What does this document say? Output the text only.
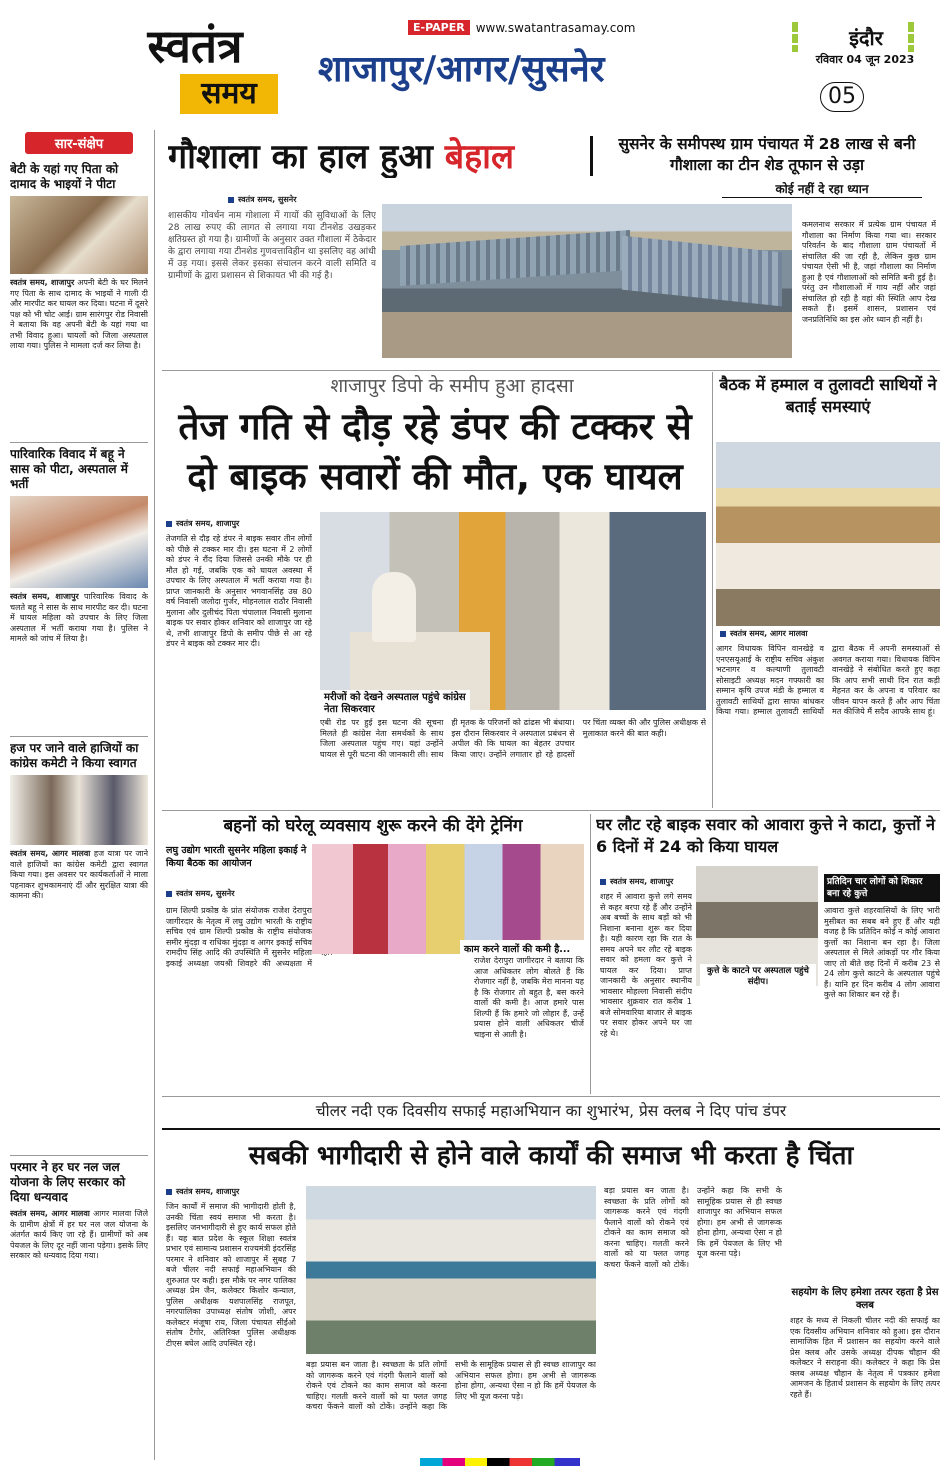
स्वतंत्र
समय
E-PAPER www.swatantrasamay.com
शाजापुर/आगर/सुसनेर
इंदौर
रविवार 04 जून 2023
05
सार-संक्षेप
बेटी के यहां गए पिता को दामाद के भाइयों ने पीटा
स्वतंत्र समय, शाजापुर अपनी बेटी के घर मिलने गए पिता के साथ दामाद के भाइयों ने गाली दी और मारपीट कर घायल कर दिया। घटना में दूसरे पक्ष को भी चोट आई। ग्राम सारंगपुर रोड निवासी ने बताया कि वह अपनी बेटी के यहां गया था तभी विवाद हुआ। घायलों को जिला अस्पताल लाया गया। पुलिस ने मामला दर्ज कर लिया है।
पारिवारिक विवाद में बहू ने सास को पीटा, अस्पताल में भर्ती
स्वतंत्र समय, शाजापुर पारिवारिक विवाद के चलते बहू ने सास के साथ मारपीट कर दी। घटना में घायल महिला को उपचार के लिए जिला अस्पताल में भर्ती कराया गया है। पुलिस ने मामले को जांच में लिया है।
हज पर जाने वाले हाजियों का कांग्रेस कमेटी ने किया स्वागत
स्वतंत्र समय, आगर मालवा हज यात्रा पर जाने वाले हाजियों का कांग्रेस कमेटी द्वारा स्वागत किया गया। इस अवसर पर कार्यकर्ताओं ने माला पहनाकर शुभकामनाएं दीं और सुरक्षित यात्रा की कामना की।
परमार ने हर घर नल जल योजना के लिए सरकार को दिया धन्यवाद
स्वतंत्र समय, आगर मालवा आगर मालवा जिले के ग्रामीण क्षेत्रों में हर घर नल जल योजना के अंतर्गत कार्य किए जा रहे हैं। ग्रामीणों को अब पेयजल के लिए दूर नहीं जाना पड़ेगा। इसके लिए सरकार को धन्यवाद दिया गया।
गौशाला का हाल हुआ बेहाल	सुसनेर के समीपस्थ ग्राम पंचायत में 28 लाख से बनी गौशाला का टीन शेड तूफान से उड़ा
कोई नहीं दे रहा ध्यान
स्वतंत्र समय, सुसनेर
शासकीय गोवर्धन नाम गोशाला में गायों की सुविधाओं के लिए 28 लाख रुपए की लागत से लगाया गया टीनशेड उखड़कर क्षतिग्रस्त हो गया है। ग्रामीणों के अनुसार उक्त गौशाला में ठेकेदार के द्वारा लगाया गया टीनशेड गुणवत्ताविहीन था इसलिए वह आंधी में उड़ गया। इससे लेकर इसका संचालन करने वाली समिति व ग्रामीणों के द्वारा प्रशासन से शिकायत भी की गई है।
कमलनाथ सरकार में प्रत्येक ग्राम पंचायत में गौशाला का निर्माण किया गया था। सरकार परिवर्तन के बाद गौशाला ग्राम पंचायतों में संचालित की जा रही है, लेकिन कुछ ग्राम पंचायत ऐसी भी है, जहां गौशाला का निर्माण हुआ है एवं गौशालाओं को समिति बनी हुई है। परंतु उन गौशालाओं में गाय नहीं और जहां संचालित हो रही है वहां की स्थिति आप देख सकते हैं। इसमें शासन, प्रशासन एवं जनप्रतिनिधि का इस ओर ध्यान ही नहीं है।
शाजापुर डिपो के समीप हुआ हादसा
तेज गति से दौड़ रहे डंपर की टक्कर से दो बाइक सवारों की मौत, एक घायल
स्वतंत्र समय, शाजापुर
तेजगति से दौड़ रहे डंपर ने बाइक सवार तीन लोगों को पीछे से टक्कर मार दी। इस घटना में 2 लोगों को डंपर ने रौंद दिया जिससे उनकी मौके पर ही मौत हो गई, जबकि एक को घायल अवस्था में उपचार के लिए अस्पताल में भर्ती कराया गया है। प्राप्त जानकारी के अनुसार भगवानसिंह उम्र 80 वर्ष निवासी जलोदा गुर्जर, मोहनलाल राठौर निवासी मुलाना और दुलीचंद पिता चंपालाल निवासी मुलाना बाइक पर सवार होकर शनिवार को शाजापुर जा रहे थे, तभी शाजापुर डिपो के समीप पीछे से आ रहे डंपर ने बाइक को टक्कर मार दी।
मरीजों को देखने अस्पताल पहुंचे कांग्रेस नेता सिकरवार
एबी रोड पर हुई इस घटना की सूचना मिलते ही कांग्रेस नेता समर्थकों के साथ जिला अस्पताल पहुंच गए। यहां उन्होंने घायल से पूरी घटना की जानकारी ली। साथ ही मृतक के परिजनों को ढांढस भी बंधाया। इस दौरान सिकरवार ने अस्पताल प्रबंधन से अपील की कि घायल का बेहतर उपचार किया जाए। उन्होंने लगातार हो रहे हादसों पर चिंता व्यक्त की और पुलिस अधीक्षक से मुलाकात करने की बात कही।
बैठक में हम्माल व तुलावटी साथियों ने बताई समस्याएं
स्वतंत्र समय, आगर मालवा
आगर विधायक विपिन वानखेड़े व एनएसयूआई के राष्ट्रीय सचिव अंकुश भटनागर व कल्याणी तुलावटी सोसाइटी अध्यक्ष मदन गफ्फारी का सम्मान कृषि उपज मंडी के हम्माल व तुलावटी साथियों द्वारा साफा बांधकर किया गया। हम्माल तुलावटी साथियों द्वारा बैठक में अपनी समस्याओं से अवगत कराया गया। विधायक विपिन वानखेड़े ने संबोधित करते हुए कहा कि आप सभी साथी दिन रात कड़ी मेहनत कर के अपना व परिवार का जीवन यापन करते हैं और आप चिंता मत कीजिये मैं सदैव आपके साथ हूं।
बहनों को घरेलू व्यवसाय शुरू करने की देंगे ट्रेनिंग
लघु उद्योग भारती सुसनेर महिला इकाई ने किया बैठक का आयोजन
स्वतंत्र समय, सुसनेर
ग्राम शिल्पी प्रकोष्ठ के प्रांत संयोजक राजेश देरापुरा जागीरदार के नेतृत्व में लघु उद्योग भारती के राष्ट्रीय सचिव एवं ग्राम शिल्पी प्रकोष्ठ के राष्ट्रीय संयोजक समीर मुंदड़ा व राधिका मुंदड़ा व आगर इकाई सचिव रामदीप सिंह आदि की उपस्थिति में सुसनेर महिला इकाई अध्यक्षा जयश्री शिवहरे की अध्यक्षता में
काम करने वालों की कमी है...
राजेश देरापुरा जागीरदार ने बताया कि आज अधिकतर लोग बोलते हैं कि रोजगार नहीं है, जबकि मेरा मानना यह है कि रोजगार तो बहुत है, बस करने वालों की कमी है। आज हमारे पास शिल्पी हैं कि हमारे जो लोहार हैं, उन्हें प्रयास होने वाली अधिकतर चीजें चाइना से आती है।
घर लौट रहे बाइक सवार को आवारा कुत्ते ने काटा, कुत्तों ने 6 दिनों में 24 को किया घायल
स्वतंत्र समय, शाजापुर
शहर में आवारा कुत्ते लगे समय से कहर बरपा रहे हैं और उन्होंने अब बच्चों के साथ बड़ों को भी निशाना बनाना शुरू कर दिया है। यही कारण रहा कि रात के समय अपने घर लौट रहे बाइक सवार को हमला कर कुत्ते ने घायल कर दिया। प्राप्त जानकारी के अनुसार स्थानीय भावसार मोहल्ला निवासी संदीप भावसार शुक्रवार रात करीब 1 बजे सोमवारिया बाजार से बाइक पर सवार होकर अपने घर जा रहे थे।
कुत्ते के काटने पर अस्पताल पहुंचे संदीप।
प्रतिदिन चार लोगों को शिकार बना रहे कुत्ते
आवारा कुत्ते शहरवासियों के लिए भारी मुसीबत का सबब बने हुए हैं और यही वजह है कि प्रतिदिन कोई न कोई आवारा कुत्तों का निशाना बन रहा है। जिला अस्पताल से मिले आंकड़ों पर गौर किया जाए तो बीते छह दिनों में करीब 23 से 24 लोग कुत्ते काटने के अस्पताल पहुंचे हैं। यानि हर दिन करीब 4 लोग आवारा कुत्ते का शिकार बन रहे हैं।
चीलर नदी एक दिवसीय सफाई महाअभियान का शुभारंभ, प्रेस क्लब ने दिए पांच डंपर
सबकी भागीदारी से होने वाले कार्यों की समाज भी करता है चिंता
स्वतंत्र समय, शाजापुर
जिन कार्यों में समाज की भागीदारी होती है, उनकी चिंता स्वयं समाज भी करता है। इसलिए जनभागीदारी से हुए कार्य सफल होते हैं। यह बात प्रदेश के स्कूल शिक्षा स्वतंत्र प्रभार एवं सामान्य प्रशासन राज्यमंत्री इंदरसिंह परमार ने शनिवार को शाजापुर में सुबह 7 बजे चीलर नदी सफाई महाअभियान की शुरुआत पर कही। इस मौके पर नगर पालिका अध्यक्ष प्रेम जैन, कलेक्टर किशोर कन्याल, पुलिस अधीक्षक यशपालसिंह राजपूत, नगरपालिका उपाध्यक्ष संतोष जोशी, अपर कलेक्टर मंजूषा राय, जिला पंचायत सीईओ संतोष टैगोर, अतिरिक्त पुलिस अधीक्षक टीएस बघेल आदि उपस्थित रहे।
बड़ा प्रयास बन जाता है। स्वच्छता के प्रति लोगों को जागरूक करने एवं गंदगी फैलाने वालों को रोकने एवं टोकने का काम समाज को करना चाहिए। गलती करने वालों को या फ्लत जगह कचरा फेंकने वालों को टोकें। उन्होंने कहा कि सभी के सामूहिक प्रयास से ही स्वच्छ शाजापुर का अभियान सफल होगा। हम अभी से जागरूक होना होगा, अन्यथा ऐसा न हो कि हमें पेयजल के लिए भी यूज करना पड़े।
बड़ा प्रयास बन जाता है। स्वच्छता के प्रति लोगों को जागरूक करने एवं गंदगी फैलाने वालों को रोकने एवं टोकने का काम समाज को करना चाहिए। गलती करने वालों को या फ्लत जगह कचरा फेंकने वालों को टोकें। उन्होंने कहा कि सभी के सामूहिक प्रयास से ही स्वच्छ शाजापुर का अभियान सफल होगा। हम अभी से जागरूक होना होगा, अन्यथा ऐसा न हो कि हमें पेयजल के लिए भी यूज करना पड़े।
सहयोग के लिए हमेशा तत्पर रहता है प्रेस क्लब
शहर के मध्य से निकली चीलर नदी की सफाई का एक दिवसीय अभियान शनिवार को हुआ। इस दौरान सामाजिक हित में प्रशासन का सहयोग करने वाले प्रेस क्लब और उसके अध्यक्ष दीपक चौहान की कलेक्टर ने सराहना की। कलेक्टर ने कहा कि प्रेस क्लब अध्यक्ष चौहान के नेतृत्व में पत्रकार हमेशा आमजन के हितार्थ प्रशासन के सहयोग के लिए तत्पर रहते हैं।
